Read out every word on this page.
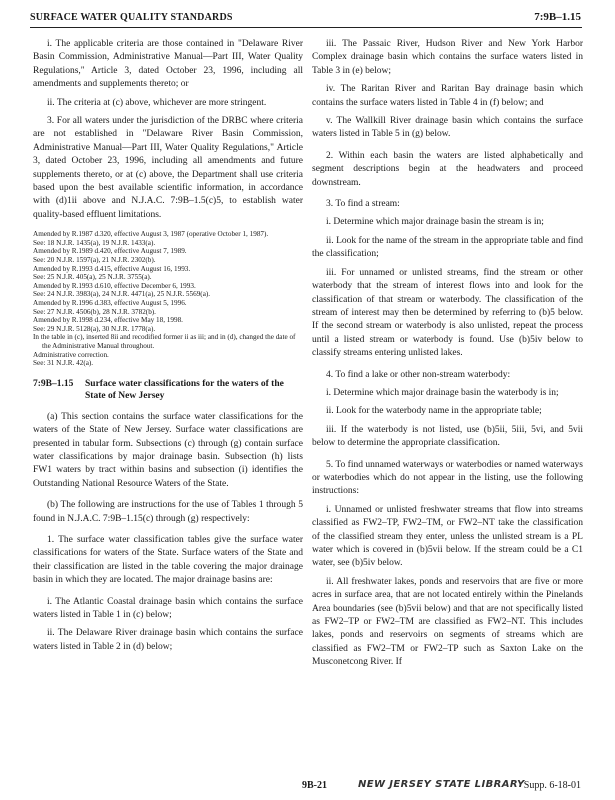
SURFACE WATER QUALITY STANDARDS	7:9B–1.15

i. The applicable criteria are those contained in "Delaware River Basin Commission, Administrative Manual—Part III, Water Quality Regulations," Article 3, dated October 23, 1996, including all amendments and supplements thereto; or

ii. The criteria at (c) above, whichever are more stringent.

3. For all waters under the jurisdiction of the DRBC where criteria are not established in "Delaware River Basin Commission, Administrative Manual—Part III, Water Quality Regulations," Article 3, dated October 23, 1996, including all amendments and future supplements thereto, or at (c) above, the Department shall use criteria based upon the best available scientific information, in accordance with (d)1ii above and N.J.A.C. 7:9B–1.5(c)5, to establish water quality-based effluent limitations.

Amended by R.1987 d.320, effective August 3, 1987 (operative October 1, 1987).
See: 18 N.J.R. 1435(a), 19 N.J.R. 1433(a).
Amended by R.1989 d.420, effective August 7, 1989.
See: 20 N.J.R. 1597(a), 21 N.J.R. 2302(b).
Amended by R.1993 d.415, effective August 16, 1993.
See: 25 N.J.R. 405(a), 25 N.J.R. 3755(a).
Amended by R.1993 d.610, effective December 6, 1993.
See: 24 N.J.R. 3983(a), 24 N.J.R. 4471(a), 25 N.J.R. 5569(a).
Amended by R.1996 d.383, effective August 5, 1996.
See: 27 N.J.R. 4506(b), 28 N.J.R. 3782(b).
Amended by R.1998 d.234, effective May 18, 1998.
See: 29 N.J.R. 5128(a), 30 N.J.R. 1778(a).
In the table in (c), inserted 8ii and recodified former ii as iii; and in (d), changed the date of the Administrative Manual throughout.
Administrative correction.
See: 31 N.J.R. 42(a).
7:9B–1.15 Surface water classifications for the waters of the State of New Jersey

(a) This section contains the surface water classifications for the waters of the State of New Jersey. Surface water classifications are presented in tabular form. Subsections (c) through (g) contain surface water classifications by major drainage basin. Subsection (h) lists FW1 waters by tract within basins and subsection (i) identifies the Outstanding National Resource Waters of the State.

(b) The following are instructions for the use of Tables 1 through 5 found in N.J.A.C. 7:9B–1.15(c) through (g) respectively:

1. The surface water classification tables give the surface water classifications for waters of the State. Surface waters of the State and their classification are listed in the table covering the major drainage basin in which they are located. The major drainage basins are:

i. The Atlantic Coastal drainage basin which contains the surface waters listed in Table 1 in (c) below;

ii. The Delaware River drainage basin which contains the surface waters listed in Table 2 in (d) below;

iii. The Passaic River, Hudson River and New York Harbor Complex drainage basin which contains the surface waters listed in Table 3 in (e) below;

iv. The Raritan River and Raritan Bay drainage basin which contains the surface waters listed in Table 4 in (f) below; and

v. The Wallkill River drainage basin which contains the surface waters listed in Table 5 in (g) below.

2. Within each basin the waters are listed alphabetically and segment descriptions begin at the headwaters and proceed downstream.

3. To find a stream:

i. Determine which major drainage basin the stream is in;

ii. Look for the name of the stream in the appropriate table and find the classification;

iii. For unnamed or unlisted streams, find the stream or other waterbody that the stream of interest flows into and look for the classification of that stream or waterbody. The classification of the stream of interest may then be determined by referring to (b)5 below. If the second stream or waterbody is also unlisted, repeat the process until a listed stream or waterbody is found. Use (b)5iv below to classify streams entering unlisted lakes.

4. To find a lake or other non-stream waterbody:

i. Determine which major drainage basin the waterbody is in;

ii. Look for the waterbody name in the appropriate table;

iii. If the waterbody is not listed, use (b)5ii, 5iii, 5vi, and 5vii below to determine the appropriate classification.

5. To find unnamed waterways or waterbodies or named waterways or waterbodies which do not appear in the listing, use the following instructions:

i. Unnamed or unlisted freshwater streams that flow into streams classified as FW2–TP, FW2–TM, or FW2–NT take the classification of the classified stream they enter, unless the unlisted stream is a PL water which is covered in (b)5vii below. If the stream could be a C1 water, see (b)5iv below.

ii. All freshwater lakes, ponds and reservoirs that are five or more acres in surface area, that are not located entirely within the Pinelands Area boundaries (see (b)5vii below) and that are not specifically listed as FW2–TP or FW2–TM are classified as FW2–NT. This includes lakes, ponds and reservoirs on segments of streams which are classified as FW2–TM or FW2–TP such as Saxton Lake on the Musconetcong River. If

9B-21	NEW JERSEY STATE LIBRARY Supp. 6-18-01
